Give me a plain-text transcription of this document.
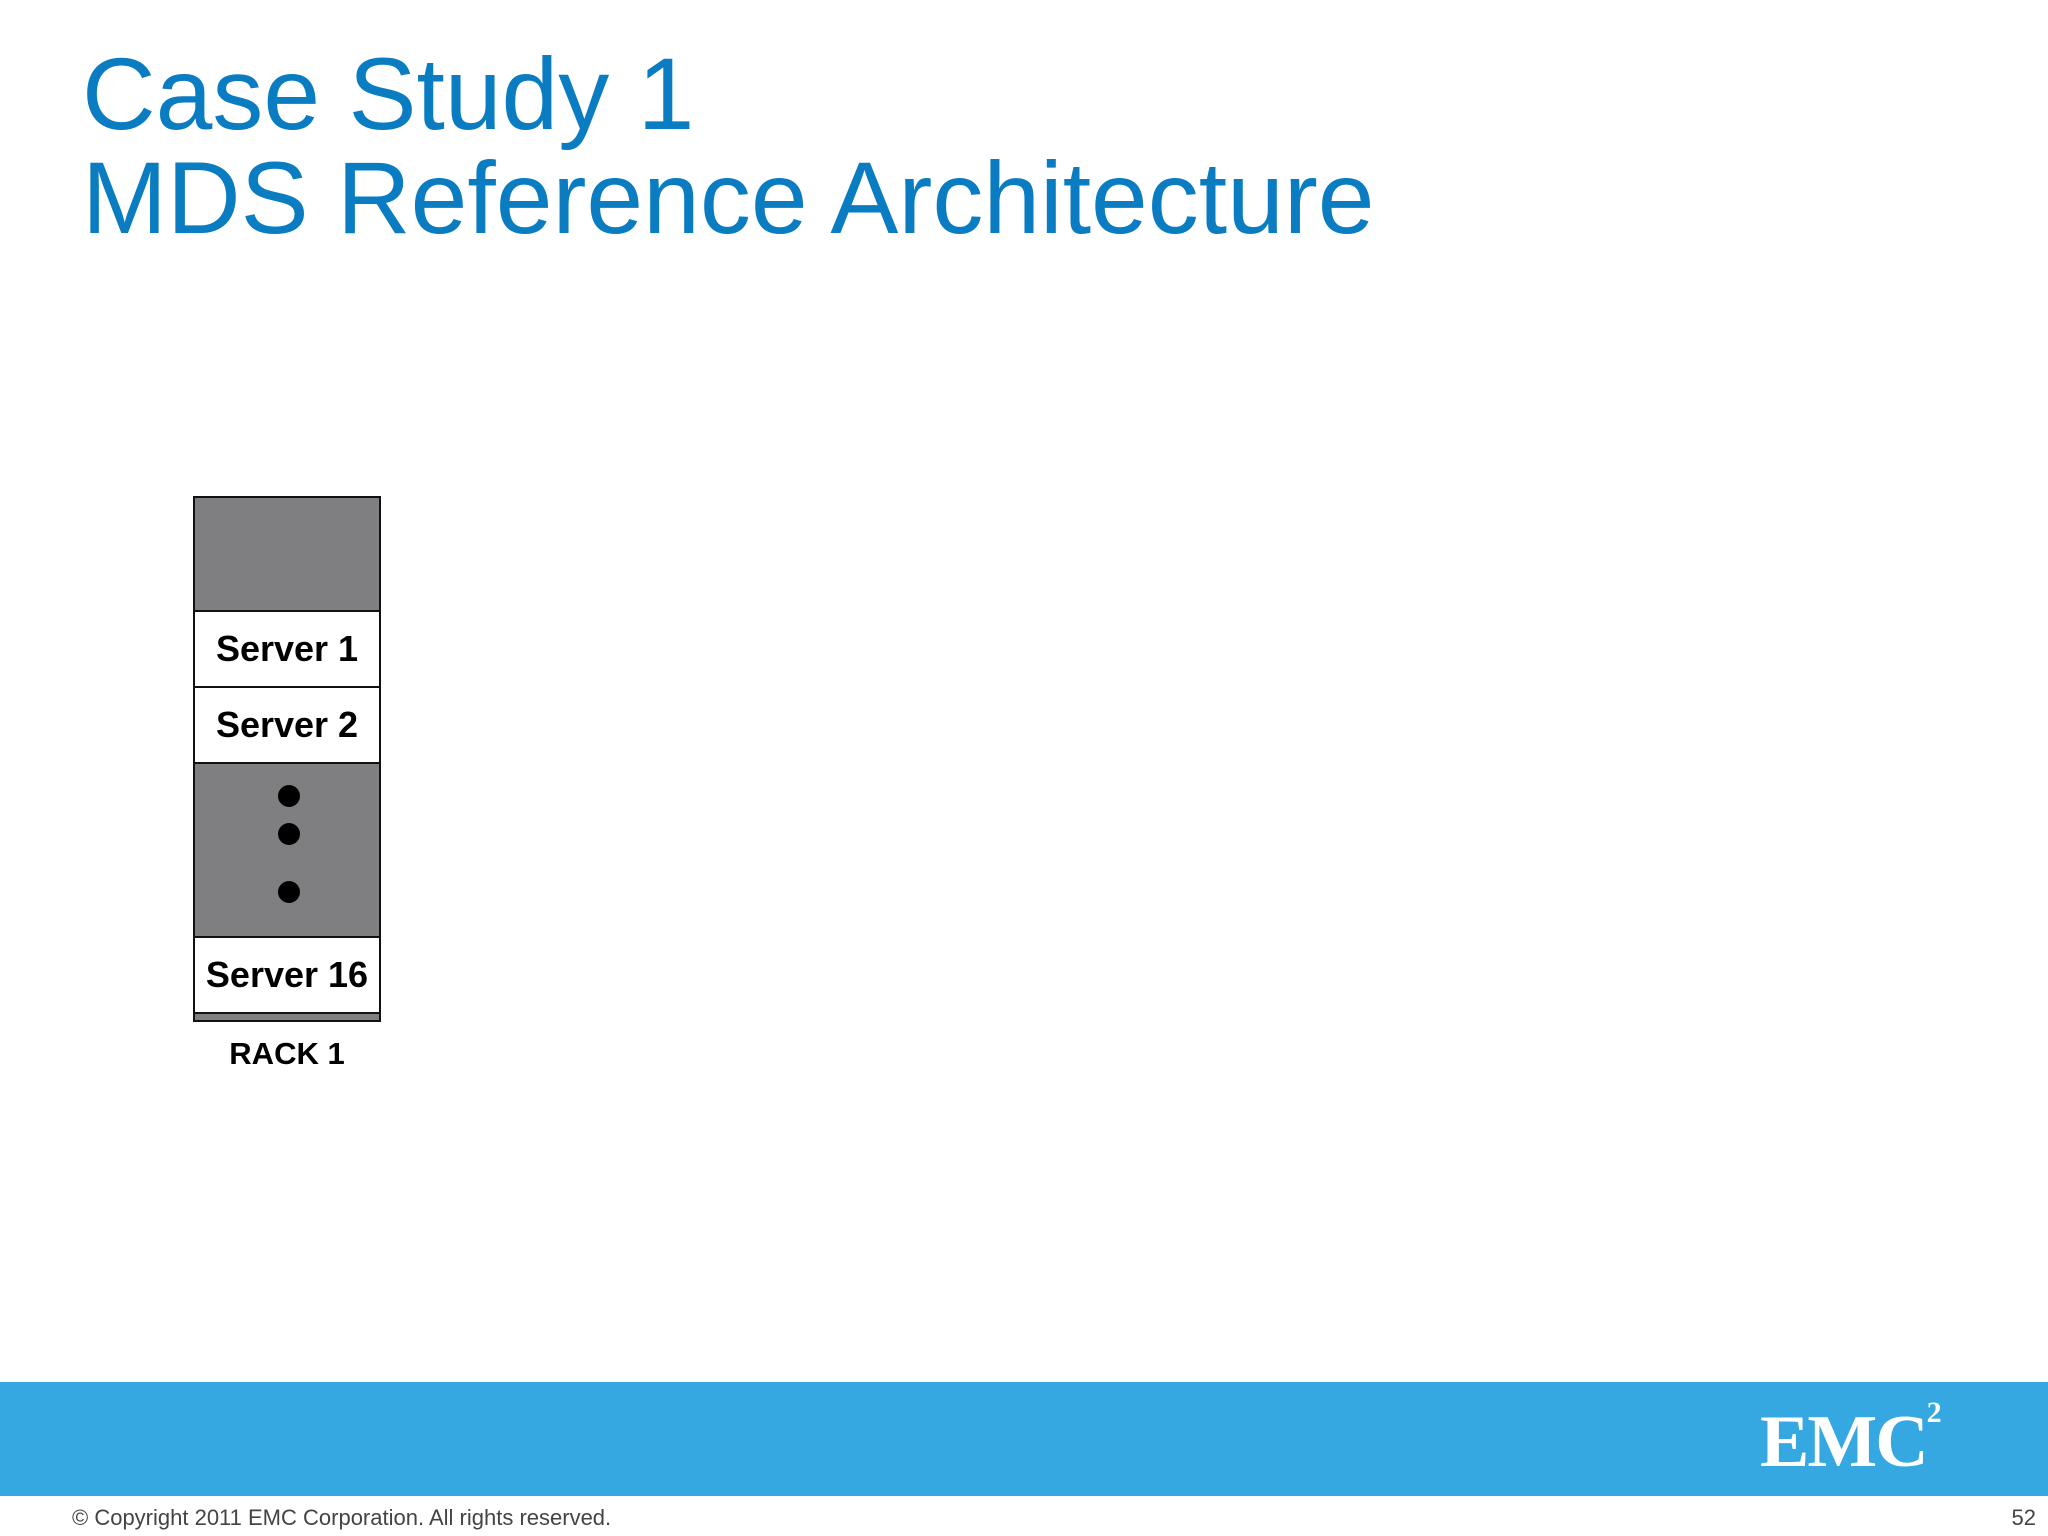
Case Study 1
MDS Reference Architecture
Server 1
Server 2
Server 16
RACK 1
EMC$^2$
© Copyright 2011 EMC Corporation. All rights reserved.	52
